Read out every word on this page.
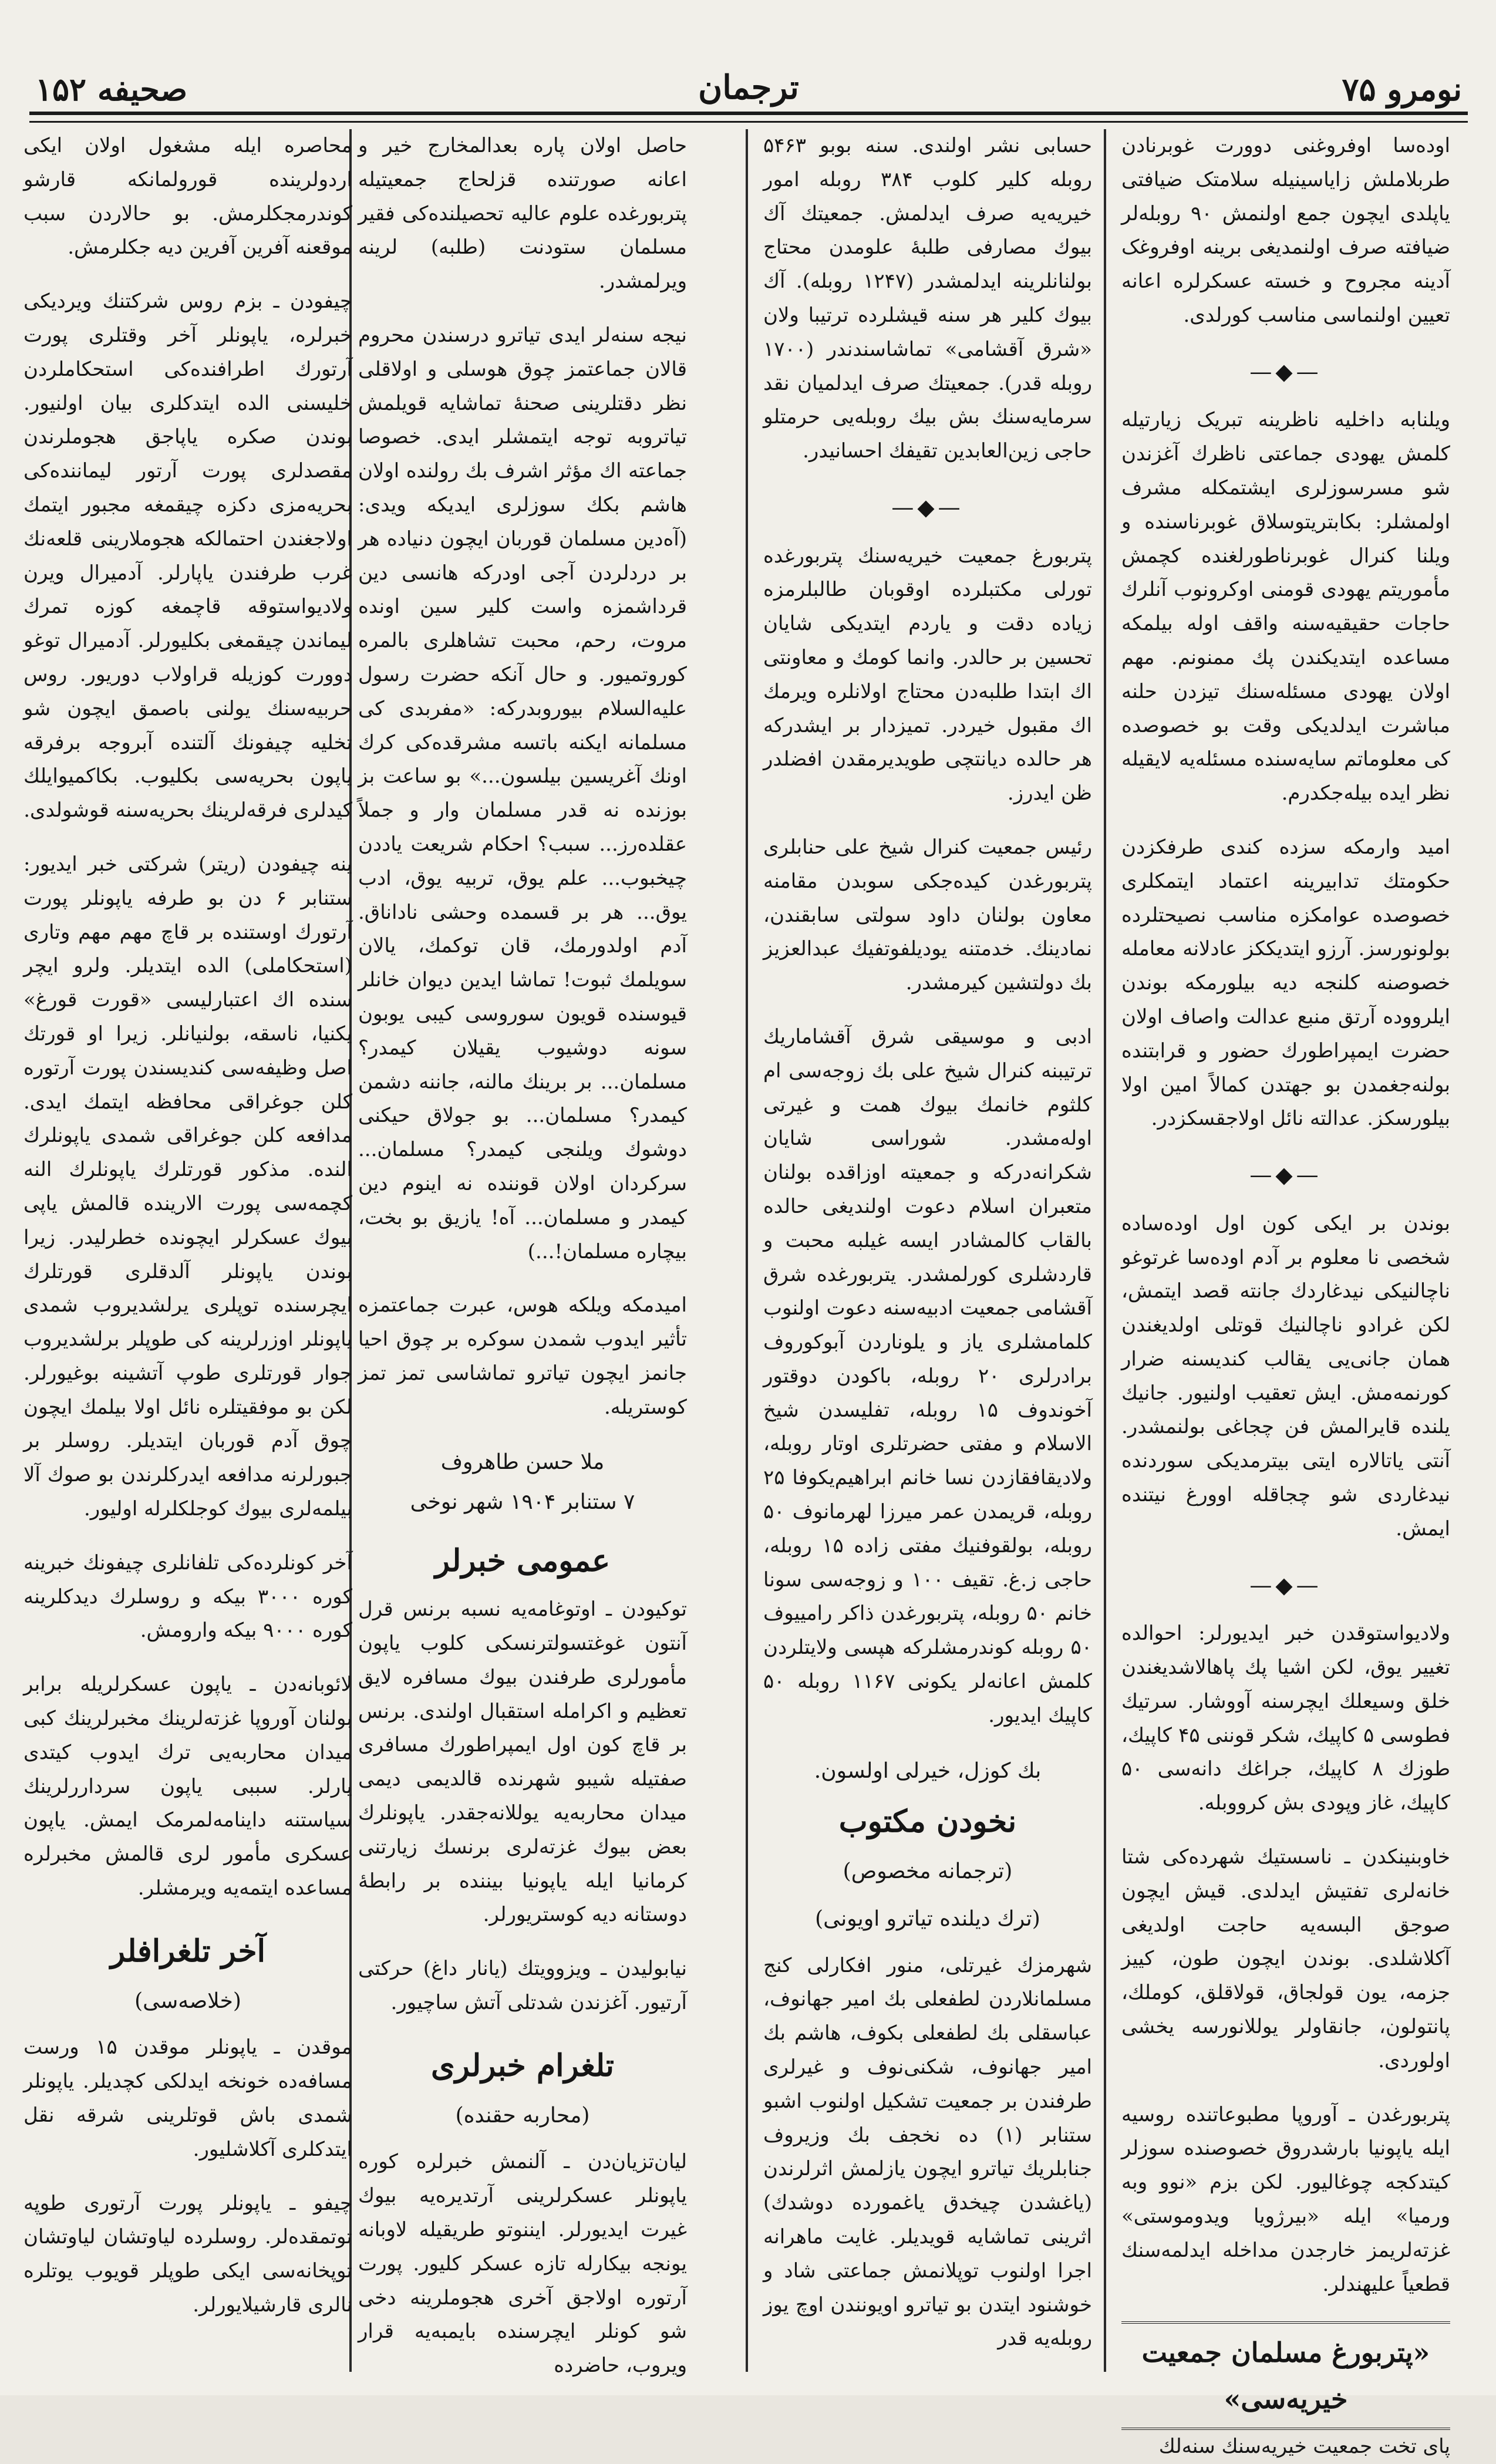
صحیفه ۱۵۲	ترجمان	نومرو ۷۵

اوده‌سا اوفروغنی دوورت غوبرنادن طربلاملش زایاسینیله سلامتک ضیافتی یاپلدی ایچون جمع اولنمش ۹۰ روبله‌لر ضیافته صرف اولنمدیغی برینه اوفروغک آدینه مجروح و خسته عسکرلره اعانه تعیین اولنماسی مناسب کورلدی.

—◆—

ویلنابه داخلیه ناظرینه تبریک زیارتیله کلمش یهودی جماعتی ناظرك آغزندن شو مسرسوزلری ایشتمکله مشرف اولمشلر: بکابتریتوسلاق غوبرناسنده و ویلنا کنرال غوبرناطورلغنده کچمش مأموریتم یهودی قومنی اوکرونوب آنلرك حاجات حقیقیه‌سنه واقف اوله بیلمکه مساعده ایتدیکندن پك ممنونم. مهم اولان یهودی مسئله‌سنك تیزدن حلنه مباشرت ایدلدیکی وقت بو خصوصده کی معلوماتم سایه‌سنده مسئله‌یه لایقیله نظر ایده بیله‌جکدرم.

امید وارمکه سزده کندی طرفکزدن حکومتك تدابیرینه اعتماد ایتمکلری خصوصده عوامکزه مناسب نصیحتلرده بولونورسز. آرزو ایتدیککز عادلانه معامله خصوصنه کلنجه دیه بیلورمکه بوندن ایلرووده آرتق منبع عدالت واصاف اولان حضرت ایمپراطورك حضور و قرابتنده بولنه‌جغمدن بو جهتدن کمالاً امین اولا بیلورسکز. عدالته نائل اولاجقسکزدر.

—◆—

بوندن بر ایکی کون اول اوده‌ساده شخصی نا معلوم بر آدم اوده‌سا غرتوغو ناچالنیکی نیدغاردك جانته قصد ایتمش، لکن غرادو ناچالنیك قوتلی اولدیغندن همان جانی‌یی یقالب کندیسنه ضرار کورنمه‌مش. ایش تعقیب اولنیور. جانیك یلنده قایرالمش فن چجاغی بولنمشدر. آنتی یاتالاره ایتی بیترمدیکی سوردنده نیدغاردی شو چجاقله اوورغ نیتنده ایمش.

—◆—

ولادیواستوقدن خبر ایدیورلر: احوالده تغییر یوق، لکن اشیا پك پاهالاشدیغندن خلق وسیعلك ایچرسنه آووشار. سرتیك فطوسی ۵ کاپیك، شکر قوننی ۴۵ کاپیك، طوزك ۸ کاپیك، جراغك دانه‌سی ۵۰ کاپیك، غاز وپودی بش کرووبله.

خاوبنینکدن ـ ناسستیك شهرده‌کی شتا خانه‌لری تفتیش ایدلدی. قیش ایچون صوجق البسه‌یه حاجت اولدیغی آکلاشلدی. بوندن ایچون طون، کییز جزمه، یون قولجاق، قولاقلق، کوملك، پانتولون، جانقاولر یوللانورسه یخشی اولوردی.

پتربورغدن ـ آوروپا مطبوعاتنده روسیه ایله یاپونیا بارشدروق خصوصنده سوزلر کیتدکجه چوغالیور. لکن بزم «نوو وبه ورمیا» ایله «بیرژویا ویدوموستی» غزته‌لریمز خارجدن مداخله ایدلمه‌سنك قطعیاً علیهندلر.

«پتربورغ مسلمان جمعیت خیریه‌سی»

پای تخت جمعیت خیریه‌سنك سنه‌لك

حسابی نشر اولندی. سنه بوبو ۵۴۶۳ روبله کلیر کلوب ۳۸۴ روبله امور خیریه‌یه صرف ایدلمش. جمعیتك آك بیوك مصارفی طلبهٔ علومدن محتاج بولنانلرینه ایدلمشدر (۱۲۴۷ روبله). آك بیوك کلیر هر سنه قیشلرده ترتیبا ولان «شرق آقشامی» تماشاسندندر (۱۷۰۰ روبله قدر). جمعیتك صرف ایدلمیان نقد سرمایه‌سنك بش بیك روبله‌یی حرمتلو حاجی زین‌العابدین تقیفك احسانیدر.

—◆—

پتربورغ جمعیت خیریه‌سنك پتربورغده تورلی مکتبلرده اوقوبان طالبلرمزه زیاده دقت و یاردم ایتدیکی شایان تحسین بر حالدر. وانما کومك و معاونتی اك ابتدا طلبه‌دن محتاج اولانلره ویرمك اك مقبول خیردر. تمیزدار بر ایشدرکه هر حالده دیانتچی طویدیرمقدن افضلدر ظن ایدرز.

رئیس جمعیت کنرال شیخ علی حنابلری پتربورغدن کیده‌جکی سوبدن مقامنه معاون بولنان داود سولتی سابقندن، نمادینك. خدمتنه یودیلفوتفیك عبدالعزیز بك دولتشین کیرمشدر.

ادبی و موسیقی شرق آقشاماریك ترتیبنه کنرال شیخ علی بك زوجه‌سی ام کلثوم خانمك بیوك همت و غیرتی اوله‌مشدر. شوراسی شایان شکرانه‌درکه و جمعیته اوزاقده بولنان متعبران اسلام دعوت اولندیغی حالده بالقاب کالمشادر ایسه غیلبه محبت و قاردشلری کورلمشدر. یتربورغده شرق آقشامی جمعیت ادبیه‌سنه دعوت اولنوب کلمامشلری یاز و یلوناردن آبوکوروف برادرلری ۲۰ روبله، باکودن دوقتور آخوندوف ۱۵ روبله، تفلیسدن شیخ الاسلام و مفتی حضرتلری اوتار روبله، ولادیقافقازدن نسا خانم ابراهیم‌یکوفا ۲۵ روبله، قریمدن عمر میرزا لهرمانوف ۵۰ روبله، بولقوفنیك مفتی زاده ۱۵ روبله، حاجی ز.غ. تقیف ۱۰۰ و زوجه‌سی سونا خانم ۵۰ روبله، پتربورغدن ذاکر رامییوف ۵۰ روبله کوندرمشلرکه هپسی ولایتلردن کلمش اعانه‌لر یکونی ۱۱۶۷ روبله ۵۰ کاپیك ایدیور.

بك کوزل، خیرلی اولسون.
نخودن مکتوب
(ترجمانه مخصوص)
(ترك دیلنده تیاترو اویونی)

شهرمزك غیرتلی، منور افکارلی کنج مسلمانلاردن لطفعلی بك امیر جهانوف، عباسقلی بك لطفعلی بکوف، هاشم بك امیر جهانوف، شکنی‌نوف و غیرلری طرفندن بر جمعیت تشکیل اولنوب اشبو ستنابر (۱) ده نخجف بك وزیروف جنابلریك تیاترو ایچون یازلمش اثرلرندن (یاغشدن چیخدق یاغمورده دوشدك) اثرینی تماشایه قویدیلر. غایت ماهرانه اجرا اولنوب توپلانمش جماعتی شاد و خوشنود ایتدن بو تیاترو اویونندن اوچ یوز روبله‌یه قدر

حاصل اولان پاره بعدالمخارج خیر و اعانه صورتنده قزلحاج جمعیتیله پتربورغده علوم عالیه تحصیلنده‌کی فقیر مسلمان ستودنت (طلبه) لرینه ویرلمشدر.

نیجه سنه‌لر ایدی تیاترو درسندن محروم قالان جماعتمز چوق هوسلی و اولاقلی نظر دقتلرینی صحنهٔ تماشایه قویلمش تیاتروبه توجه ایتمشلر ایدی. خصوصا جماعته اك مؤثر اشرف بك رولنده اولان هاشم بکك سوزلری ایدیکه ویدی: (آه‌دین مسلمان قوربان ایچون دنیاده هر بر دردلردن آجی اودرکه هانسی دین قرداشمزه واست کلیر سین اونده مروت، رحم، محبت تشاهلری بالمره کوروتمیور. و حال آنکه حضرت رسول علیه‌السلام بیوروبدرکه: «مفربدی کی مسلمانه ایکنه باتسه مشرقده‌کی کرك اونك آغریسین بیلسون...» بو ساعت بز بوزنده نه قدر مسلمان وار و جملاً عقلده‌رز... سبب؟ احکام شریعت یاددن چیخبوب... علم یوق، تربیه یوق، ادب یوق... هر بر قسمده وحشی ناداناق. آدم اولدورمك، قان توکمك، یالان سویلمك ثبوت! تماشا ایدین دیوان خانلر قیوسنده قویون سوروسی کیبی یوبون سونه دوشیوب یقیلان کیمدر؟ مسلمان... بر برینك مالنه، جاننه دشمن کیمدر؟ مسلمان... بو جولاق حیکنی دوشوك ویلنجی کیمدر؟ مسلمان... سرکردان اولان قوننده نه اینوم دین کیمدر و مسلمان... آه! یازیق بو بخت، بیچاره مسلمان!...)

امیدمکه ویلکه هوس، عبرت جماعتمزه تأثیر ایدوب شمدن سوکره بر چوق احیا جانمز ایچون تیاترو تماشاسی تمز تمز کوستریله.

ملا حسن طاهروف
۷ ستنابر ۱۹۰۴ شهر نوخی
عمومی خبرلر

توکیودن ـ اوتوغامه‌یه نسبه برنس قرل آنتون غوغتسولترنسکی کلوب یاپون مأمورلری طرفندن بیوك مسافره لایق تعظیم و اکرامله استقبال اولندی. برنس بر قاچ کون اول ایمپراطورك مسافری صفتیله شیبو شهرنده قالدیمی دیمی میدان محاربه‌یه یوللانه‌جقدر. یاپونلرك بعض بیوك غزته‌لری برنسك زیارتنی کرمانیا ایله یاپونیا بیننده بر رابطهٔ دوستانه دیه کوستریورلر.

نیابولیدن ـ ویزوویتك (یانار داغ) حرکتی آرتیور. آغزندن شدتلی آتش ساچیور.

تلغرام خبرلری
(محاربه حقنده)

لیان‌تزیان‌دن ـ آلنمش خبرلره کوره یاپونلر عسکرلرینی آرتدیره‌یه بیوك غیرت ایدیورلر. ایننوتو طریقیله لاوبانه یونجه بیکارله تازه عسکر کلیور. پورت آرتوره اولاجق آخری هجوملرینه دخی شو کونلر ایچرسنده بایمبه‌یه قرار ویروب، حاضرده

محاصره ایله مشغول اولان ایکی اردولرینده قورولمانکه قارشو کوندرمجکلرمش. بو حالاردن سبب موقعنه آفرین آفرین دیه جکلرمش.

چیفودن ـ بزم روس شرکتنك ویردیکی خبرلره، یاپونلر آخر وقتلری پورت آرتورك اطرافنده‌کی استحکاملردن خلیسنی الده ایتدکلری بیان اولنیور. بوندن صکره یاپاجق هجوملرندن مقصدلری پورت آرتور لیماننده‌کی بحریه‌مزی دکزه چیقمغه مجبور ایتمك اولاجغندن احتمالکه هجوملارینی قلعه‌نك غرب طرفندن یاپارلر. آدمیرال ویرن ولادیواستوقه قاچمغه کوزه تمرك لیماندن چیقمغی بکلیورلر. آدمیرال توغو دوورت کوزیله قراولاب دوریور. روس حربیه‌سنك یولنی باصمق ایچون شو تخلیه چیفونك آلتنده آبروجه برفرقه یاپون بحریه‌سی بکلیوب. بکاکمیوایلك کیدلری فرقه‌لرینك بحریه‌سنه قوشولدی.

ینه چیفودن (ریتر) شرکتی خبر ایدیور: ستنابر ۶ دن بو طرفه یاپونلر پورت آرتورك اوستنده بر قاچ مهم مهم وتاری (استحکاملی) الده ایتدیلر. ولرو ایچر سنده اك اعتبارلیسی «قورت قورغ» یکنیا، ناسقه، بولنیانلر. زیرا او قورتك اصل وظیفه‌سی کندیسندن پورت آرتوره کلن جوغراقی محافظه ایتمك ایدی. مدافعه کلن جوغراقی شمدی یاپونلرك النده. مذکور قورتلرك یاپونلرك النه کچمه‌سی پورت الارینده قالمش یاپی بیوك عسکرلر ایچونده خطرلیدر. زیرا بوندن یاپونلر آلدقلری قورتلرك ایچرسنده توپلری یرلشدیروب شمدی یاپونلر اوزرلرینه کی طوپلر برلشدیروب جوار قورتلری طوپ آتشینه بوغیورلر. لکن بو موفقیتلره نائل اولا بیلمك ایچون چوق آدم قوربان ایتدیلر. روسلر بر جبورلرنه مدافعه ایدرکلرندن بو صوك آلا بیلمه‌لری بیوك کوجلکلرله اولیور.

آخر کونلرده‌کی تلفانلری چیفونك خبرینه کوره ۳۰۰۰ بیکه و روسلرك دیدکلرینه کوره ۹۰۰۰ بیکه وارومش.

لائوبانه‌دن ـ یاپون عسکرلریله برابر بولنان آوروپا غزته‌لرینك مخبرلرینك کبی میدان محاربه‌یی ترك ایدوب کیتدی یارلر. سببی یاپون سرداررلرینك سیاستنه داینامه‌لمرمک ایمش. یاپون عسکری مأمور لری قالمش مخبرلره مساعده ایتمه‌یه ویرمشلر.

آخر تلغرافلر
(خلاصه‌سی)

موقدن ـ یاپونلر موقدن ۱۵ ورست مسافه‌ده خونخه ایدلکی کچدیلر. یاپونلر شمدی باش قوتلرینی شرقه نقل ایتدکلری آکلاشلیور.

چیفو ـ یاپونلر پورت آرتوری طوپه توتمقده‌لر. روسلرده لیاوتشان لیاوتشان توپخانه‌سی ایکی طوپلر قویوب یوتلره نالری قارشیلایورلر.
